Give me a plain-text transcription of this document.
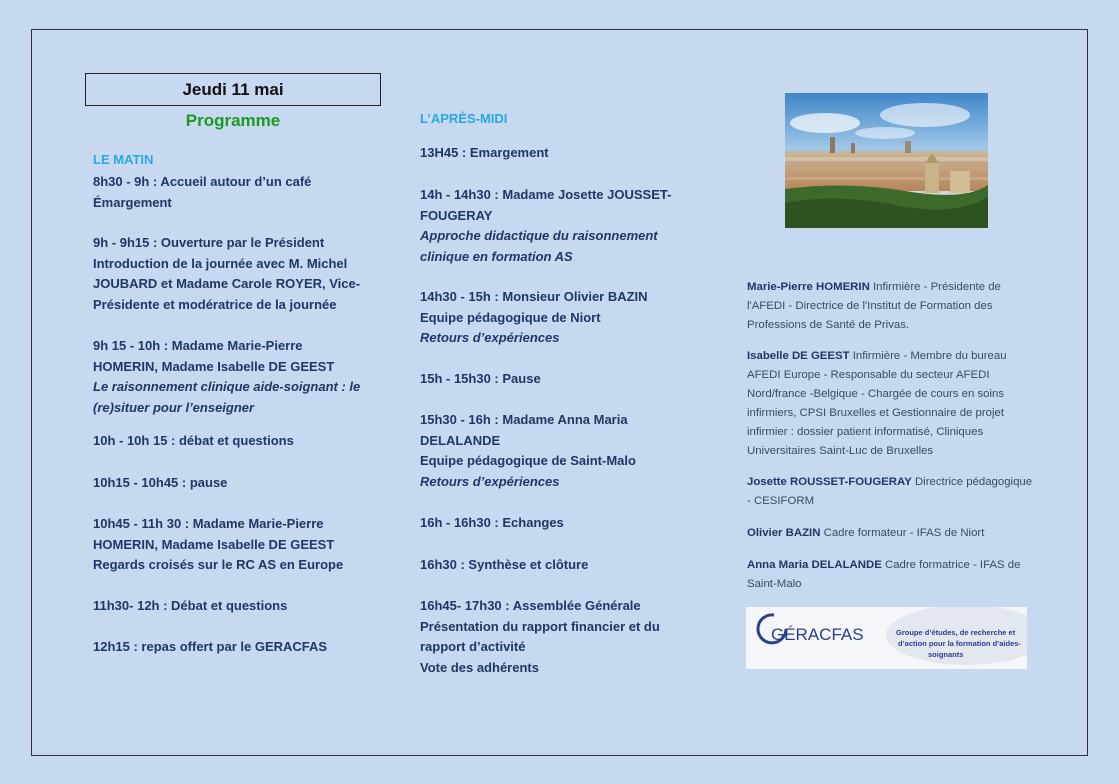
Jeudi 11 mai
Programme
LE MATIN
8h30 - 9h : Accueil autour d’un café
Émargement
9h - 9h15 : Ouverture par le Président
Introduction de la journée avec M. Michel
JOUBARD et Madame Carole ROYER, Vice-
Présidente et modératrice de la journée
9h 15 - 10h : Madame Marie-Pierre
HOMERIN, Madame Isabelle DE GEEST
Le raisonnement clinique aide-soignant : le
(re)situer pour l’enseigner
10h - 10h 15 : débat et questions
10h15 - 10h45 : pause
10h45 - 11h 30 : Madame Marie-Pierre
HOMERIN, Madame Isabelle DE GEEST
Regards croisés sur le RC AS en Europe
11h30- 12h : Débat et questions
12h15 : repas offert par le GERACFAS
L’APRÈS-MIDI
13H45 : Emargement
14h - 14h30 : Madame Josette JOUSSET-
FOUGERAY
Approche didactique du raisonnement
clinique en formation AS
14h30 - 15h : Monsieur Olivier BAZIN
Equipe pédagogique de Niort
Retours d’expériences
15h - 15h30 : Pause
15h30 - 16h : Madame Anna Maria
DELALANDE
Equipe pédagogique de Saint-Malo
Retours d’expériences
16h - 16h30 : Echanges
16h30 : Synthèse et clôture
16h45- 17h30 : Assemblée Générale
Présentation du rapport financier et du
rapport d’activité
Vote des adhérents
Marie-Pierre HOMERIN Infirmière - Présidente de l'AFEDI - Directrice de l'Institut de Formation des Professions de Santé de Privas.
Isabelle DE GEEST Infirmière - Membre du bureau AFEDI Europe - Responsable du secteur AFEDI Nord/france -Belgique - Chargée de cours en soins infirmiers, CPSI Bruxelles et Gestionnaire de projet infirmier : dossier patient informatisé, Cliniques Universitaires Saint-Luc de Bruxelles
Josette ROUSSET-FOUGERAY Directrice pédagogique - CESIFORM
Olivier BAZIN Cadre formateur - IFAS de Niort
Anna Maria DELALANDE Cadre formatrice - IFAS de Saint-Malo
GÉRACFAS	Groupe d’études, de recherche et
d’action pour la formation d’aides-
soignants
